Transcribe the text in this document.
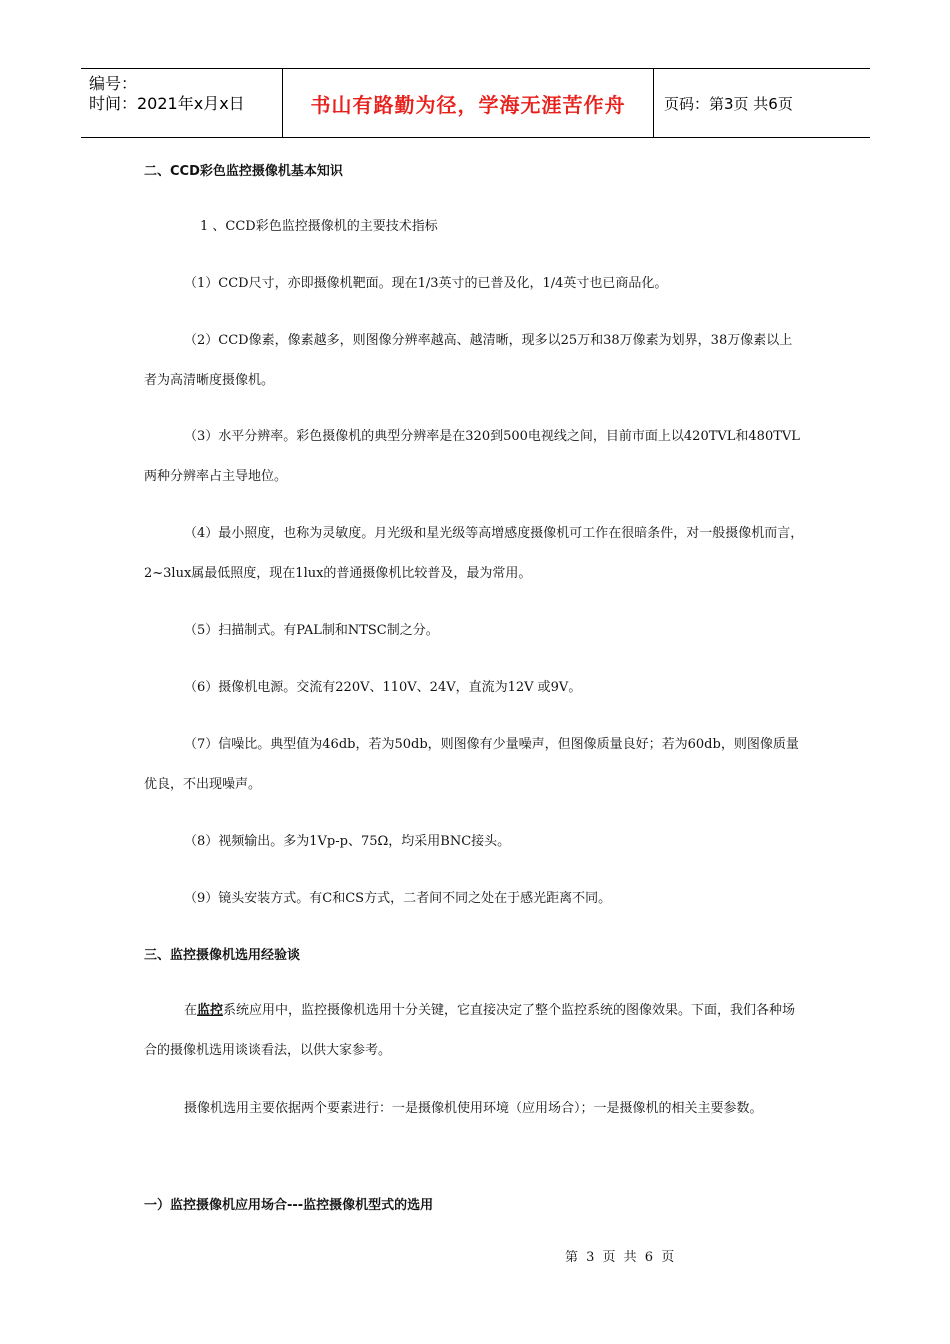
编号：
时间：2021年x月x日	书山有路勤为径，学海无涯苦作舟	页码：第3页 共6页
二、CCD彩色监控摄像机基本知识
1 、CCD彩色监控摄像机的主要技术指标
（1）CCD尺寸，亦即摄像机靶面。现在1/3英寸的已普及化，1/4英寸也已商品化。
（2）CCD像素，像素越多，则图像分辨率越高、越清晰，现多以25万和38万像素为划界，38万像素以上者为高清晰度摄像机。
（3）水平分辨率。彩色摄像机的典型分辨率是在320到500电视线之间，目前市面上以420TVL和480TVL两种分辨率占主导地位。
（4）最小照度，也称为灵敏度。月光级和星光级等高增感度摄像机可工作在很暗条件，对一般摄像机而言，2~3lux属最低照度，现在1lux的普通摄像机比较普及，最为常用。
（5）扫描制式。有PAL制和NTSC制之分。
（6）摄像机电源。交流有220V、110V、24V，直流为12V 或9V。
（7）信噪比。典型值为46db，若为50db，则图像有少量噪声，但图像质量良好；若为60db，则图像质量优良，不出现噪声。
（8）视频输出。多为1Vp-p、75Ω，均采用BNC接头。
（9）镜头安装方式。有C和CS方式，二者间不同之处在于感光距离不同。
三、监控摄像机选用经验谈
在监控系统应用中，监控摄像机选用十分关键，它直接决定了整个监控系统的图像效果。下面，我们各种场合的摄像机选用谈谈看法，以供大家参考。
摄像机选用主要依据两个要素进行：一是摄像机使用环境（应用场合）；一是摄像机的相关主要参数。
一）监控摄像机应用场合---监控摄像机型式的选用
第 3 页 共 6 页
